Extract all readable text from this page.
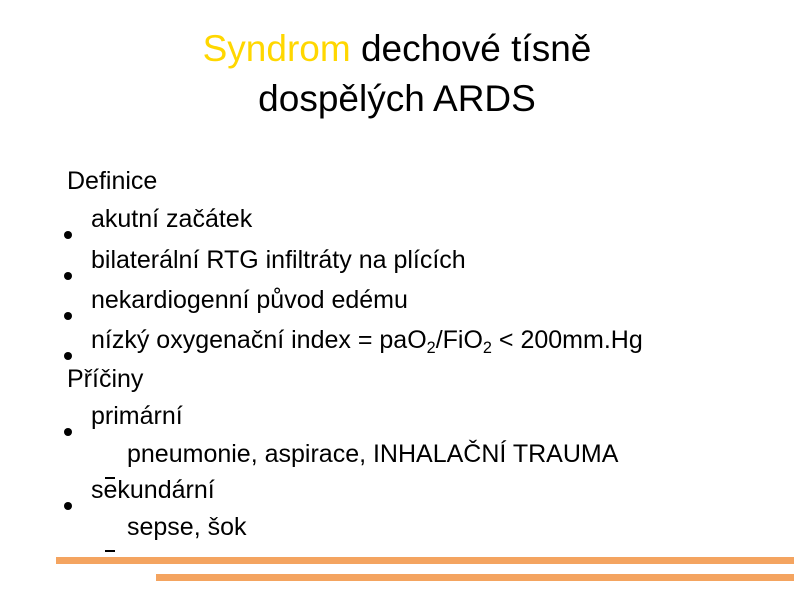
Syndrom dechové tísně
dospělých ARDS
Definice
akutní začátek
bilaterální RTG infiltráty na plících
nekardiogenní původ edému
nízký oxygenační index = paO$_2$/FiO$_2$ < 200mm.Hg
Příčiny
primární
pneumonie, aspirace, INHALAČNÍ TRAUMA
sekundární
sepse, šok
